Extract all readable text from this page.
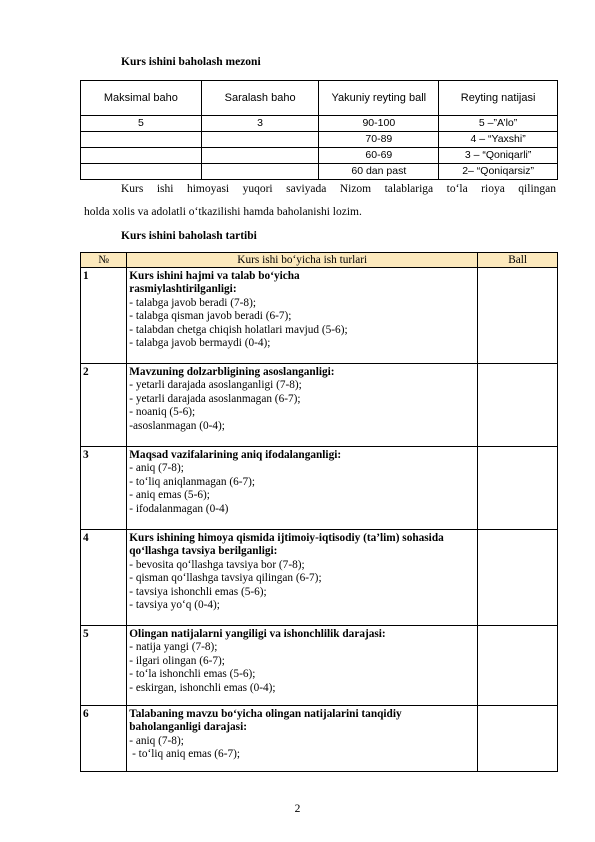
Kurs ishini baholash mezoni
Maksimal baho	Saralash baho	Yakuniy reyting ball	Reyting natijasi
5	3	90-100	5 –”A’lo”
		70-89	4 – “Yaxshi”
		60-69	3 – “Qoniqarli”
		60 dan past	2– “Qoniqarsiz”
Kurs ishi himoyasi yuqori saviyada Nizom talablariga toʻla rioya qilingan
holda xolis va adolatli oʻtkazilishi hamda baholanishi lozim.
Kurs ishini baholash tartibi
№	Kurs ishi boʻyicha ish turlari	Ball
1	Kurs ishini hajmi va talab boʻyicha rasmiylashtirilganligi:
- talabga javob beradi (7-8);
- talabga qisman javob beradi (6-7);
- talabdan chetga chiqish holatlari mavjud (5-6);
- talabga javob bermaydi (0-4);	

2	Mavzuning dolzarbligining asoslanganligi:
- yetarli darajada asoslanganligi (7-8);
- yetarli darajada asoslanmagan (6-7);
- noaniq (5-6);
-asoslanmagan (0-4);	

3	Maqsad vazifalarining aniq ifodalanganligi:
- aniq (7-8);
- toʻliq aniqlanmagan (6-7);
- aniq emas (5-6);
- ifodalanmagan (0-4)	

4	Kurs ishining himoya qismida ijtimoiy-iqtisodiy (ta’lim) sohasida qoʻllashga tavsiya berilganligi:
- bevosita qoʻllashga tavsiya bor (7-8);
- qisman qoʻllashga tavsiya qilingan (6-7);
- tavsiya ishonchli emas (5-6);
- tavsiya yoʻq (0-4);	

5	Olingan natijalarni yangiligi va ishonchlilik darajasi:
- natija yangi (7-8);
- ilgari olingan (6-7);
- toʻla ishonchli emas (5-6);
- eskirgan, ishonchli emas (0-4);	

6	Talabaning mavzu boʻyicha olingan natijalarini tanqidiy baholanganligi darajasi:
- aniq (7-8);
- toʻliq aniq emas (6-7);	

2
